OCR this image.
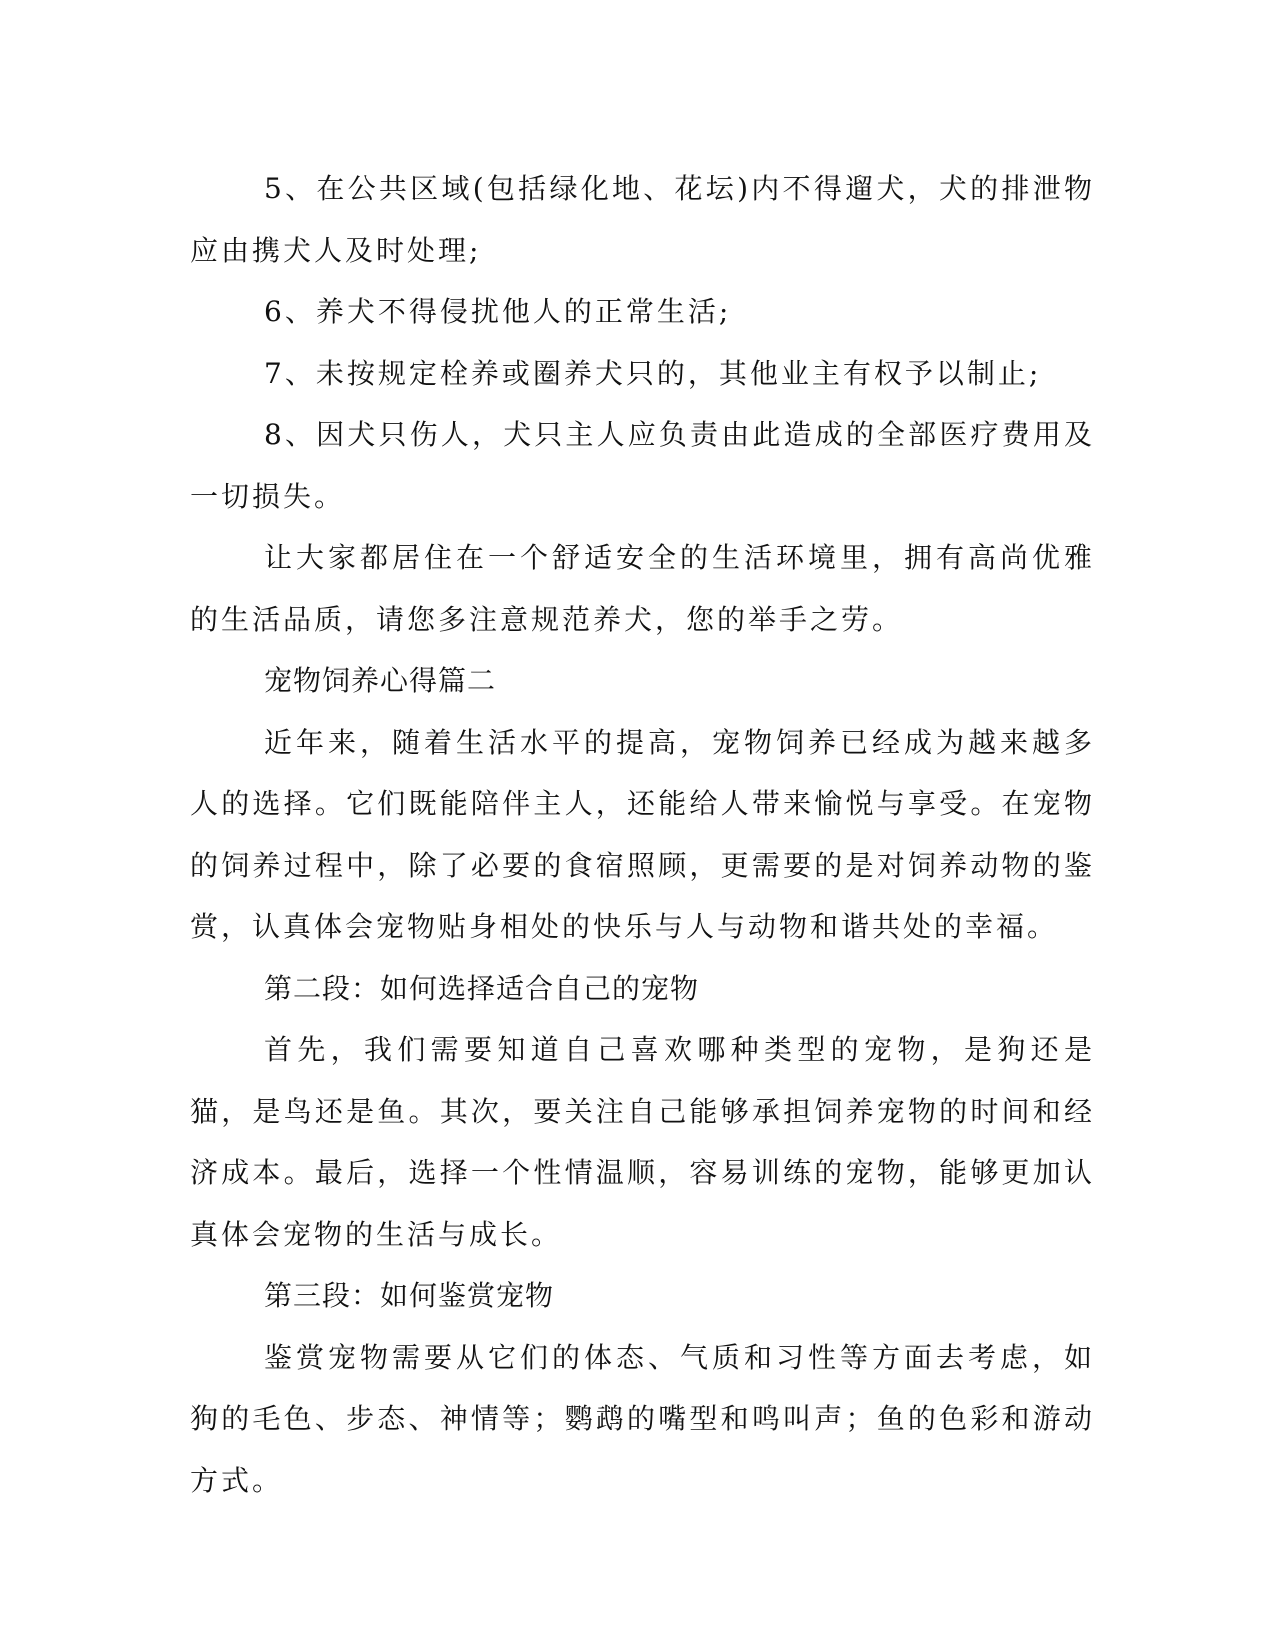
5、在公共区域(包括绿化地、花坛)内不得遛犬，犬的排泄物应由携犬人及时处理;

6、养犬不得侵扰他人的正常生活;

7、未按规定栓养或圈养犬只的，其他业主有权予以制止;

8、因犬只伤人，犬只主人应负责由此造成的全部医疗费用及一切损失。

让大家都居住在一个舒适安全的生活环境里，拥有高尚优雅的生活品质，请您多注意规范养犬，您的举手之劳。

宠物饲养心得篇二

近年来，随着生活水平的提高，宠物饲养已经成为越来越多人的选择。它们既能陪伴主人，还能给人带来愉悦与享受。在宠物的饲养过程中，除了必要的食宿照顾，更需要的是对饲养动物的鉴赏，认真体会宠物贴身相处的快乐与人与动物和谐共处的幸福。

第二段：如何选择适合自己的宠物

首先，我们需要知道自己喜欢哪种类型的宠物，是狗还是猫，是鸟还是鱼。其次，要关注自己能够承担饲养宠物的时间和经济成本。最后，选择一个性情温顺，容易训练的宠物，能够更加认真体会宠物的生活与成长。

第三段：如何鉴赏宠物

鉴赏宠物需要从它们的体态、气质和习性等方面去考虑，如狗的毛色、步态、神情等；鹦鹉的嘴型和鸣叫声；鱼的色彩和游动方式。
